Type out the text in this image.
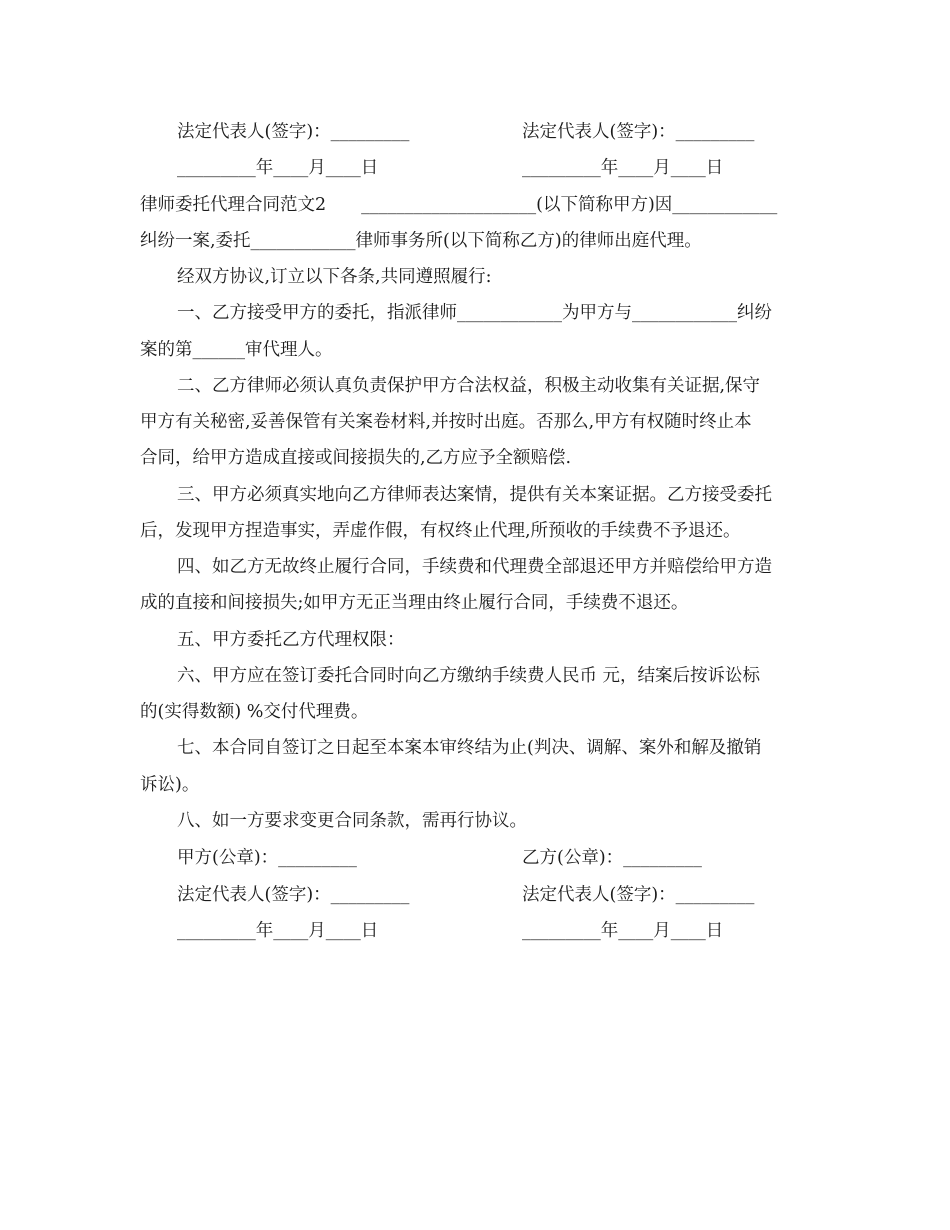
法定代表人(签字)：_________	法定代表人(签字)：_________
_________年____月____日	_________年____月____日
律师委托代理合同范文2　　____________________(以下简称甲方)因____________
纠纷一案,委托____________律师事务所(以下简称乙方)的律师出庭代理。
经双方协议,订立以下各条,共同遵照履行:
一、乙方接受甲方的委托，指派律师____________为甲方与____________纠纷
案的第______审代理人。
二、乙方律师必须认真负责保护甲方合法权益，积极主动收集有关证据,保守
甲方有关秘密,妥善保管有关案卷材料,并按时出庭。否那么,甲方有权随时终止本
合同，给甲方造成直接或间接损失的,乙方应予全额赔偿.
三、甲方必须真实地向乙方律师表达案情，提供有关本案证据。乙方接受委托
后，发现甲方捏造事实，弄虚作假，有权终止代理,所预收的手续费不予退还。
四、如乙方无故终止履行合同，手续费和代理费全部退还甲方并赔偿给甲方造
成的直接和间接损失;如甲方无正当理由终止履行合同，手续费不退还。
五、甲方委托乙方代理权限：
六、甲方应在签订委托合同时向乙方缴纳手续费人民币 元，结案后按诉讼标
的(实得数额) %交付代理费。
七、本合同自签订之日起至本案本审终结为止(判决、调解、案外和解及撤销
诉讼)。
八、如一方要求变更合同条款，需再行协议。
甲方(公章)：_________	乙方(公章)：_________
法定代表人(签字)：_________	法定代表人(签字)：_________
_________年____月____日	_________年____月____日
